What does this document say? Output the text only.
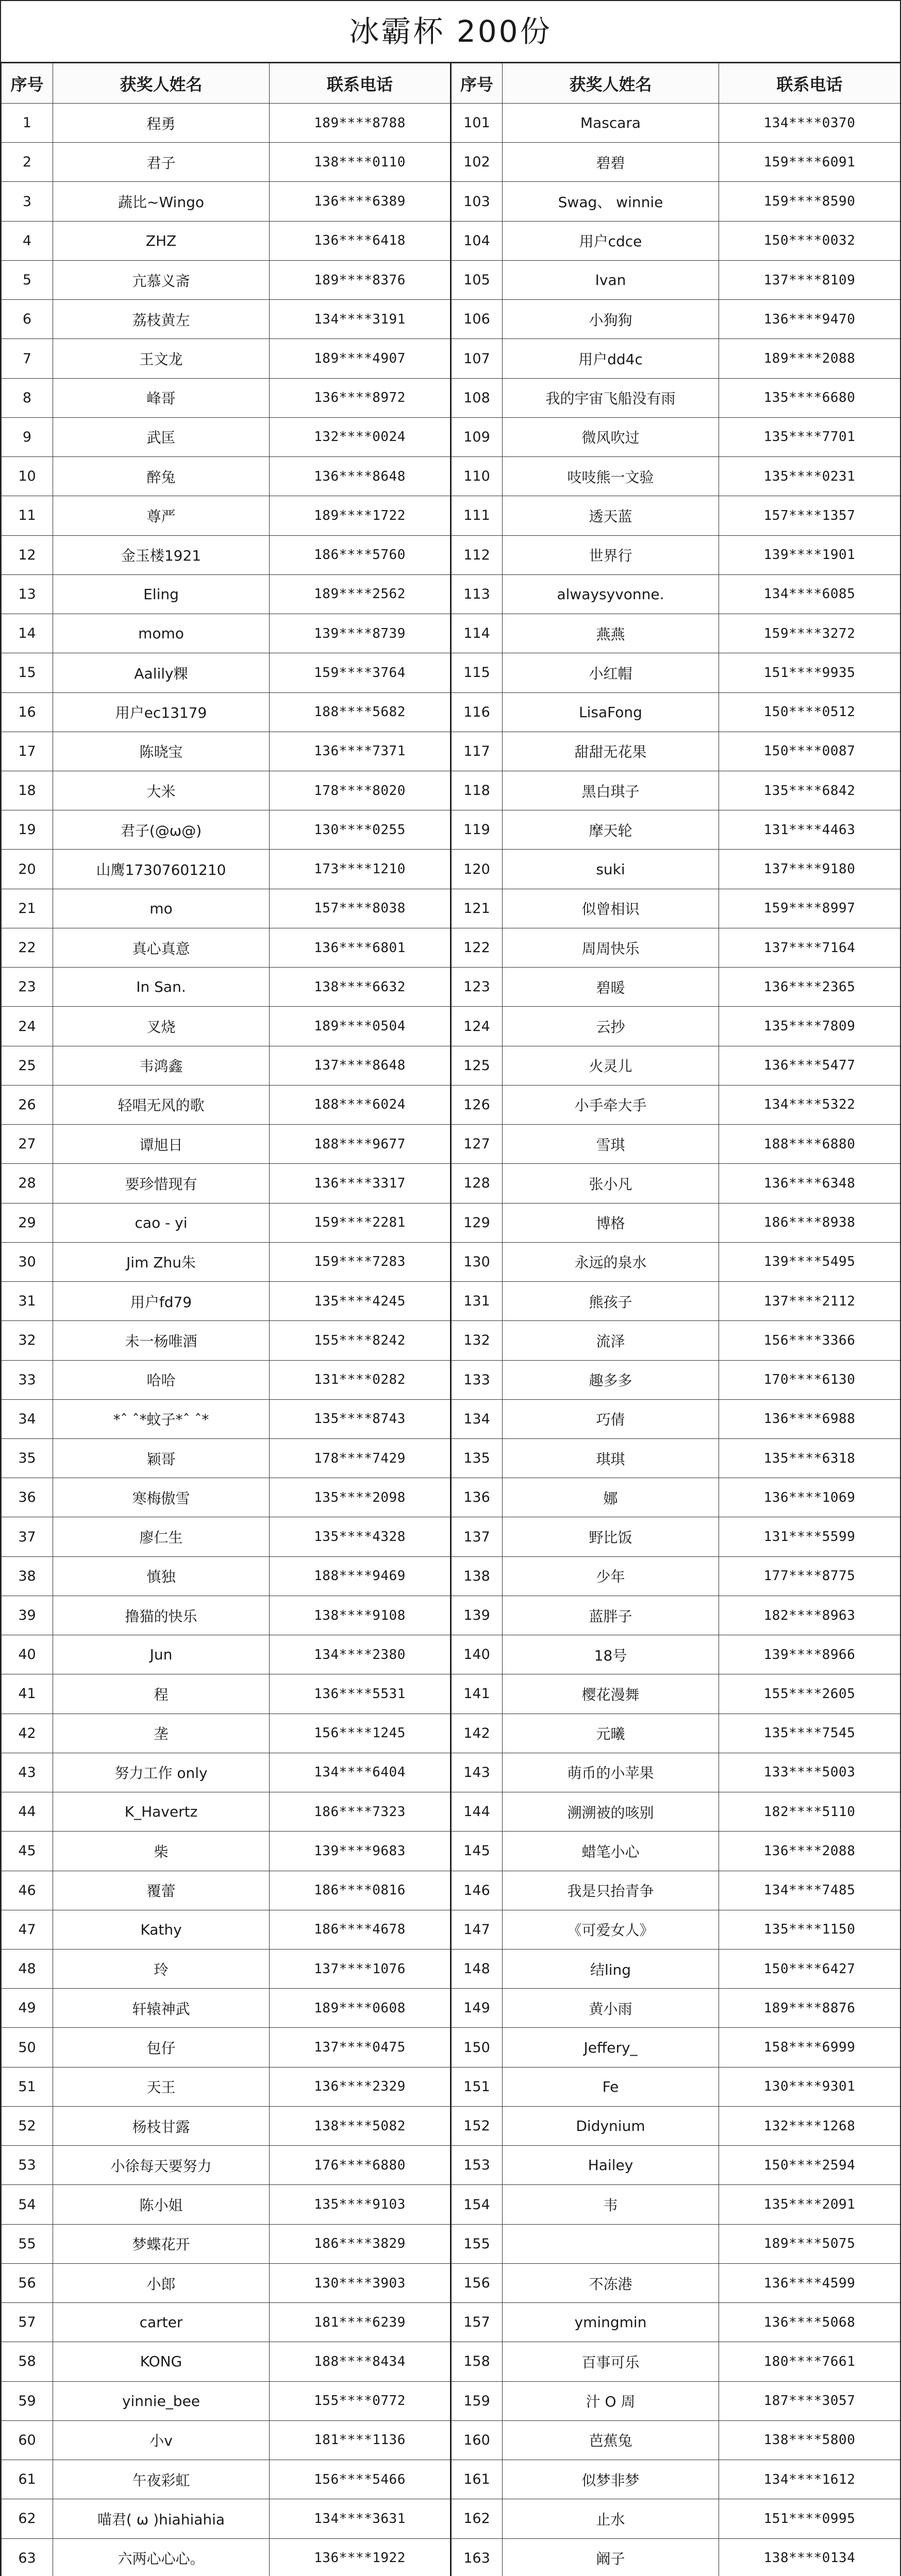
冰霸杯 200份
序号	获奖人姓名	联系电话	序号	获奖人姓名	联系电话
1	程勇	189****8788	101	Mascara	134****0370
2	君子	138****0110	102	碧碧	159****6091
3	蔬比~Wingo	136****6389	103	Swag、 winnie	159****8590
4	ZHZ	136****6418	104	用户cdce	150****0032
5	亢慕义斋	189****8376	105	Ivan	137****8109
6	荔枝黄左	134****3191	106	小狗狗	136****9470
7	王文龙	189****4907	107	用户dd4c	189****2088
8	峰哥	136****8972	108	我的宇宙飞船没有雨	135****6680
9	武匡	132****0024	109	微风吹过	135****7701
10	醉兔	136****8648	110	吱吱熊一文验	135****0231
11	尊严	189****1722	111	透天蓝	157****1357
12	金玉楼1921	186****5760	112	世界行	139****1901
13	Eling	189****2562	113	alwaysyvonne.	134****6085
14	momo	139****8739	114	燕燕	159****3272
15	Aalily粿	159****3764	115	小红帽	151****9935
16	用户ec13179	188****5682	116	LisaFong	150****0512
17	陈晓宝	136****7371	117	甜甜无花果	150****0087
18	大米	178****8020	118	黑白琪子	135****6842
19	君子(@ω@)	130****0255	119	摩天轮	131****4463
20	山鹰17307601210	173****1210	120	suki	137****9180
21	mo	157****8038	121	似曾相识	159****8997
22	真心真意	136****6801	122	周周快乐	137****7164
23	In San.	138****6632	123	碧暖	136****2365
24	叉烧	189****0504	124	云抄	135****7809
25	韦鸿鑫	137****8648	125	火灵儿	136****5477
26	轻唱无风的歌	188****6024	126	小手牵大手	134****5322
27	谭旭日	188****9677	127	雪琪	188****6880
28	要珍惜现有	136****3317	128	张小凡	136****6348
29	cao - yi	159****2281	129	博格	186****8938
30	Jim Zhu朱	159****7283	130	永远的泉水	139****5495
31	用户fd79	135****4245	131	熊孩子	137****2112
32	未一杨唯酒	155****8242	132	流泽	156****3366
33	哈哈	131****0282	133	趣多多	170****6130
34	*ˆ ˆ*蚊子*ˆ ˆ*	135****8743	134	巧倩	136****6988
35	颖哥	178****7429	135	琪琪	135****6318
36	寒梅傲雪	135****2098	136	娜	136****1069
37	廖仁生	135****4328	137	野比饭	131****5599
38	慎独	188****9469	138	少年	177****8775
39	撸猫的快乐	138****9108	139	蓝胖子	182****8963
40	Jun	134****2380	140	18号	139****8966
41	程	136****5531	141	樱花漫舞	155****2605
42	垄	156****1245	142	元曦	135****7545
43	努力工作 only	134****6404	143	萌币的小苹果	133****5003
44	K_Havertz	186****7323	144	溯溯被的咳别	182****5110
45	柴	139****9683	145	蜡笔小心	136****2088
46	覆蕾	186****0816	146	我是只抬青争	134****7485
47	Kathy	186****4678	147	《可爱女人》	135****1150
48	玲	137****1076	148	结ling	150****6427
49	轩辕神武	189****0608	149	黄小雨	189****8876
50	包仔	137****0475	150	Jeffery_	158****6999
51	天王	136****2329	151	Fe	130****9301
52	杨枝甘露	138****5082	152	Didynium	132****1268
53	小徐每天要努力	176****6880	153	Hailey	150****2594
54	陈小姐	135****9103	154	韦	135****2091
55	梦蝶花开	186****3829	155		189****5075
56	小郎	130****3903	156	不冻港	136****4599
57	carter	181****6239	157	ymingmin	136****5068
58	KONG	188****8434	158	百事可乐	180****7661
59	yinnie_bee	155****0772	159	汁 O 周	187****3057
60	小v	181****1136	160	芭蕉兔	138****5800
61	午夜彩虹	156****5466	161	似梦非梦	134****1612
62	喵君( ω )hiahiahia	134****3631	162	止水	151****0995
63	六两心心心。	136****1922	163	阚子	138****0134
